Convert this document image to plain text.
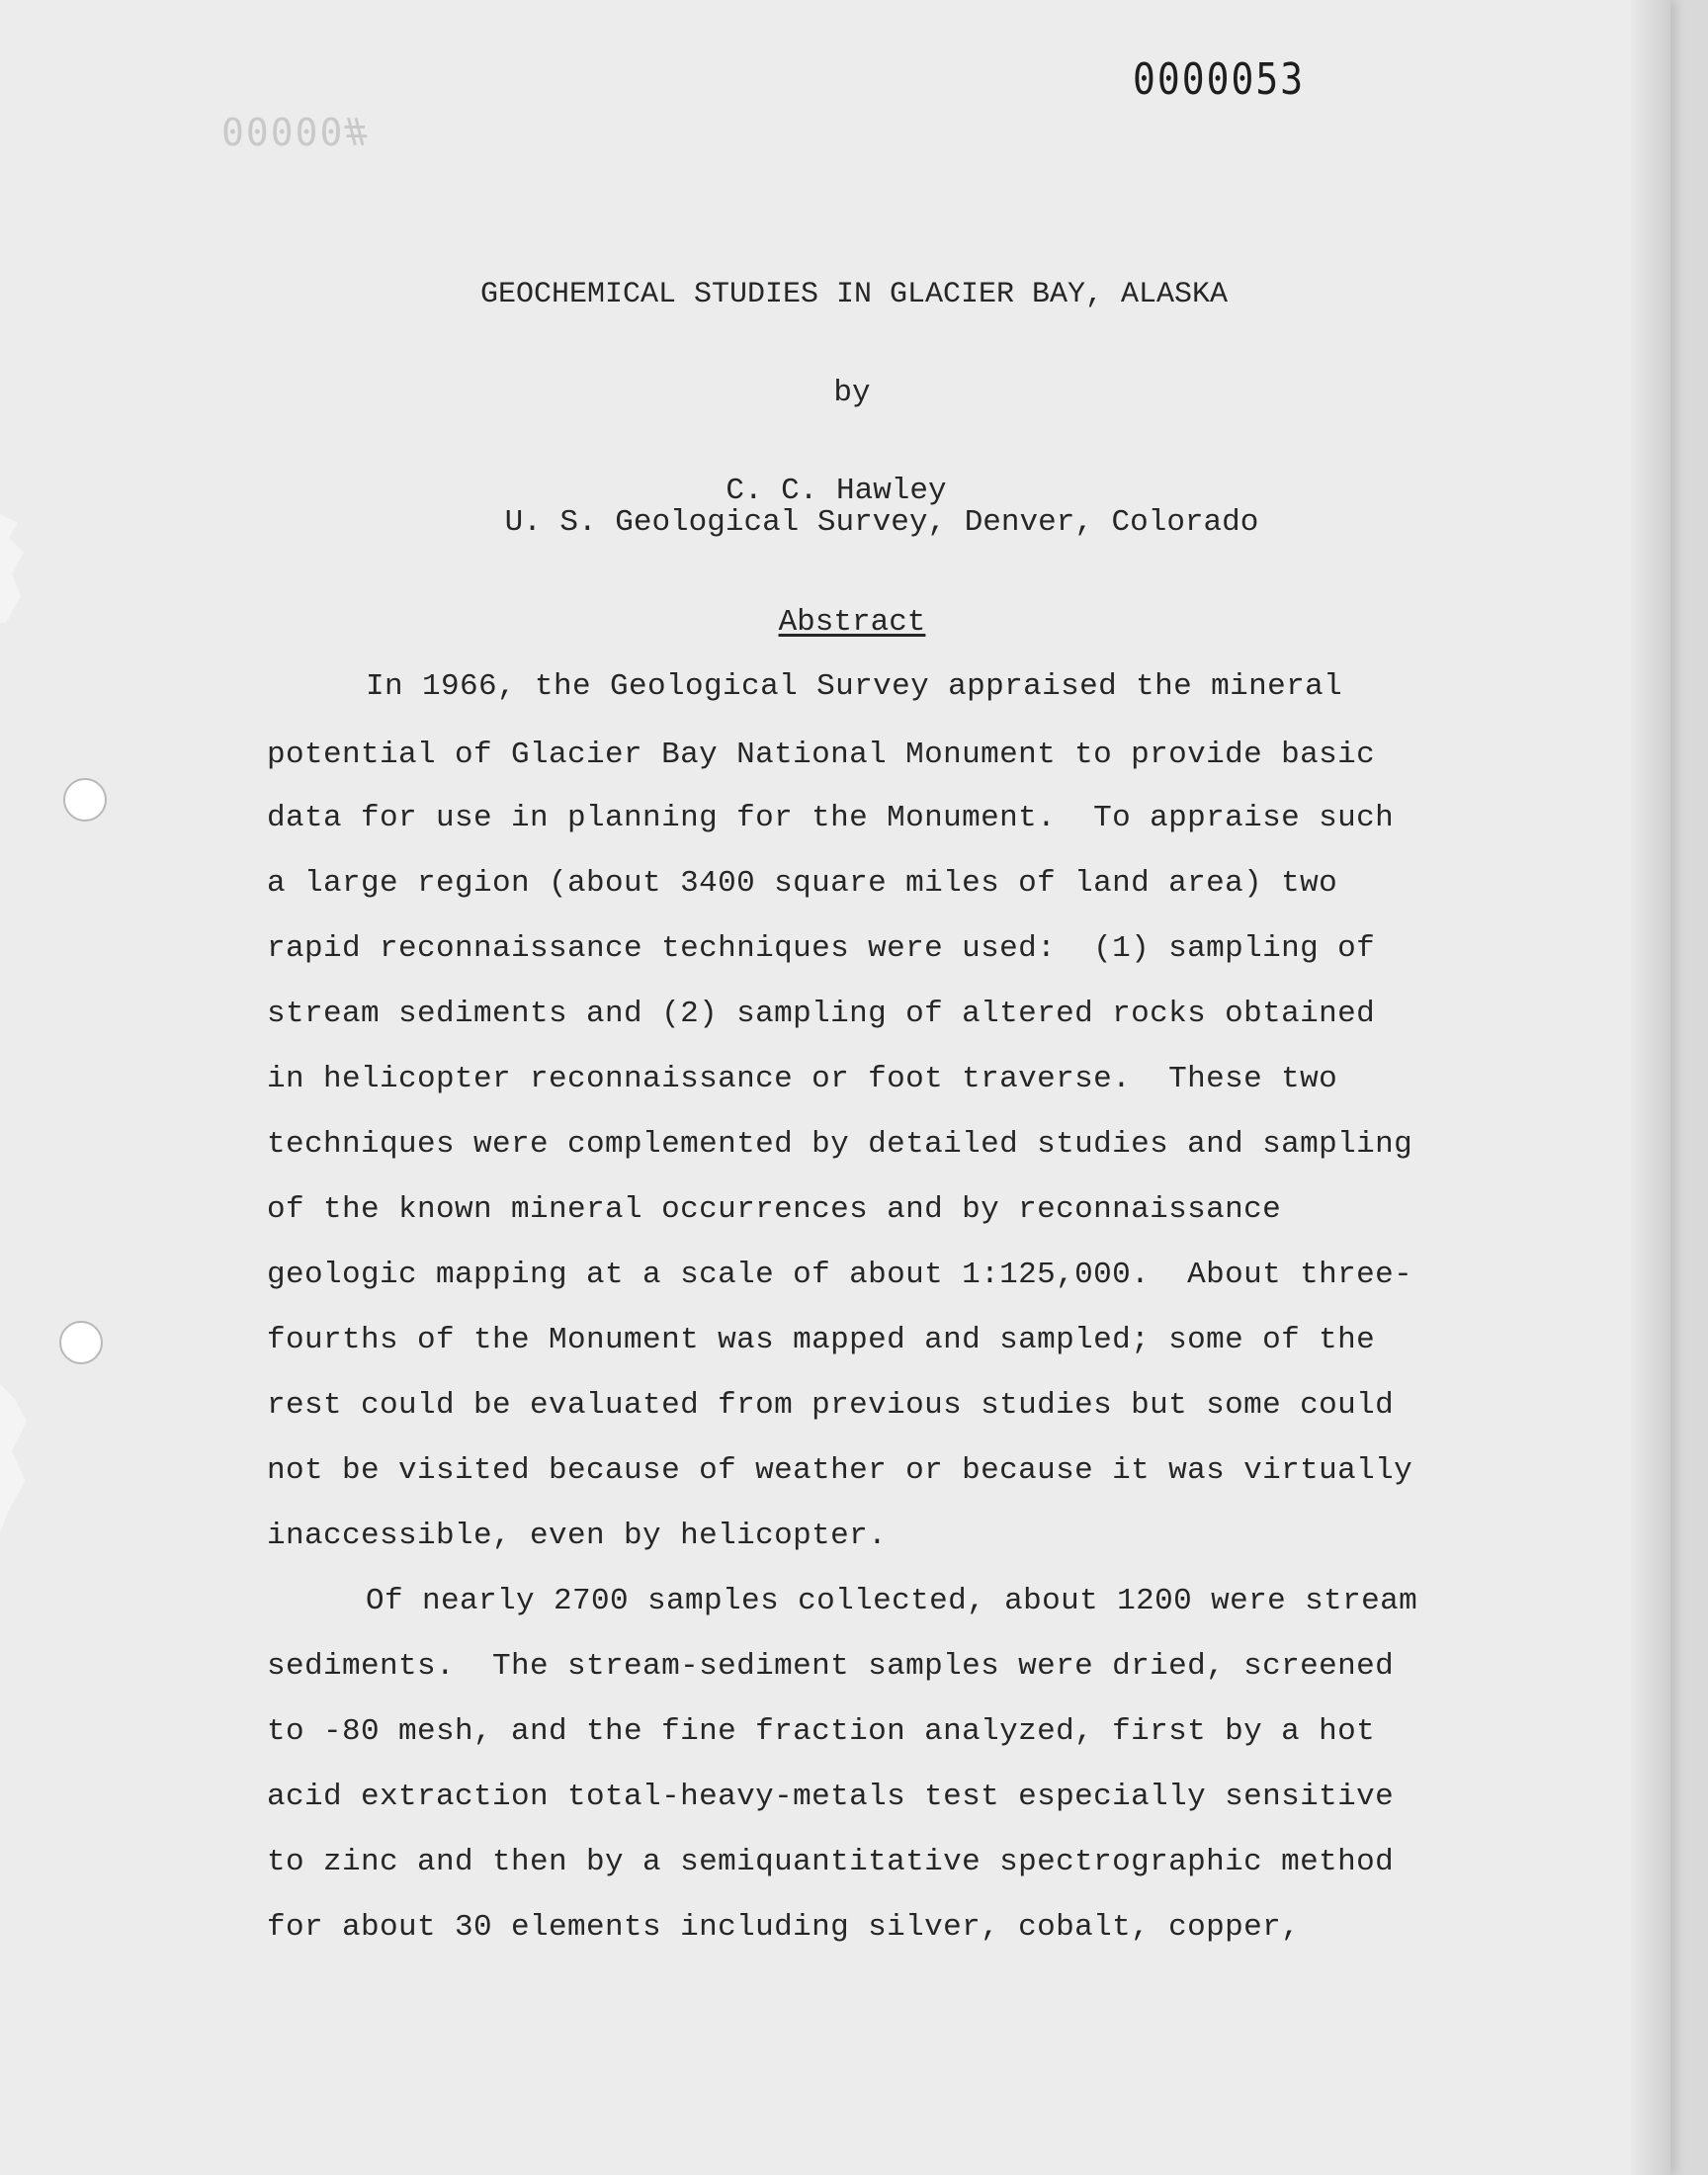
#00000
0000053
GEOCHEMICAL STUDIES IN GLACIER BAY, ALASKA
by
C. C. Hawley
U. S. Geological Survey, Denver, Colorado
Abstract
In 1966, the Geological Survey appraised the mineral
potential of Glacier Bay National Monument to provide basic
data for use in planning for the Monument.  To appraise such
a large region (about 3400 square miles of land area) two
rapid reconnaissance techniques were used:  (1) sampling of
stream sediments and (2) sampling of altered rocks obtained
in helicopter reconnaissance or foot traverse.  These two
techniques were complemented by detailed studies and sampling
of the known mineral occurrences and by reconnaissance
geologic mapping at a scale of about 1:125,000.  About three-
fourths of the Monument was mapped and sampled; some of the
rest could be evaluated from previous studies but some could
not be visited because of weather or because it was virtually
inaccessible, even by helicopter.
Of nearly 2700 samples collected, about 1200 were stream
sediments.  The stream-sediment samples were dried, screened
to -80 mesh, and the fine fraction analyzed, first by a hot
acid extraction total-heavy-metals test especially sensitive
to zinc and then by a semiquantitative spectrographic method
for about 30 elements including silver, cobalt, copper,
